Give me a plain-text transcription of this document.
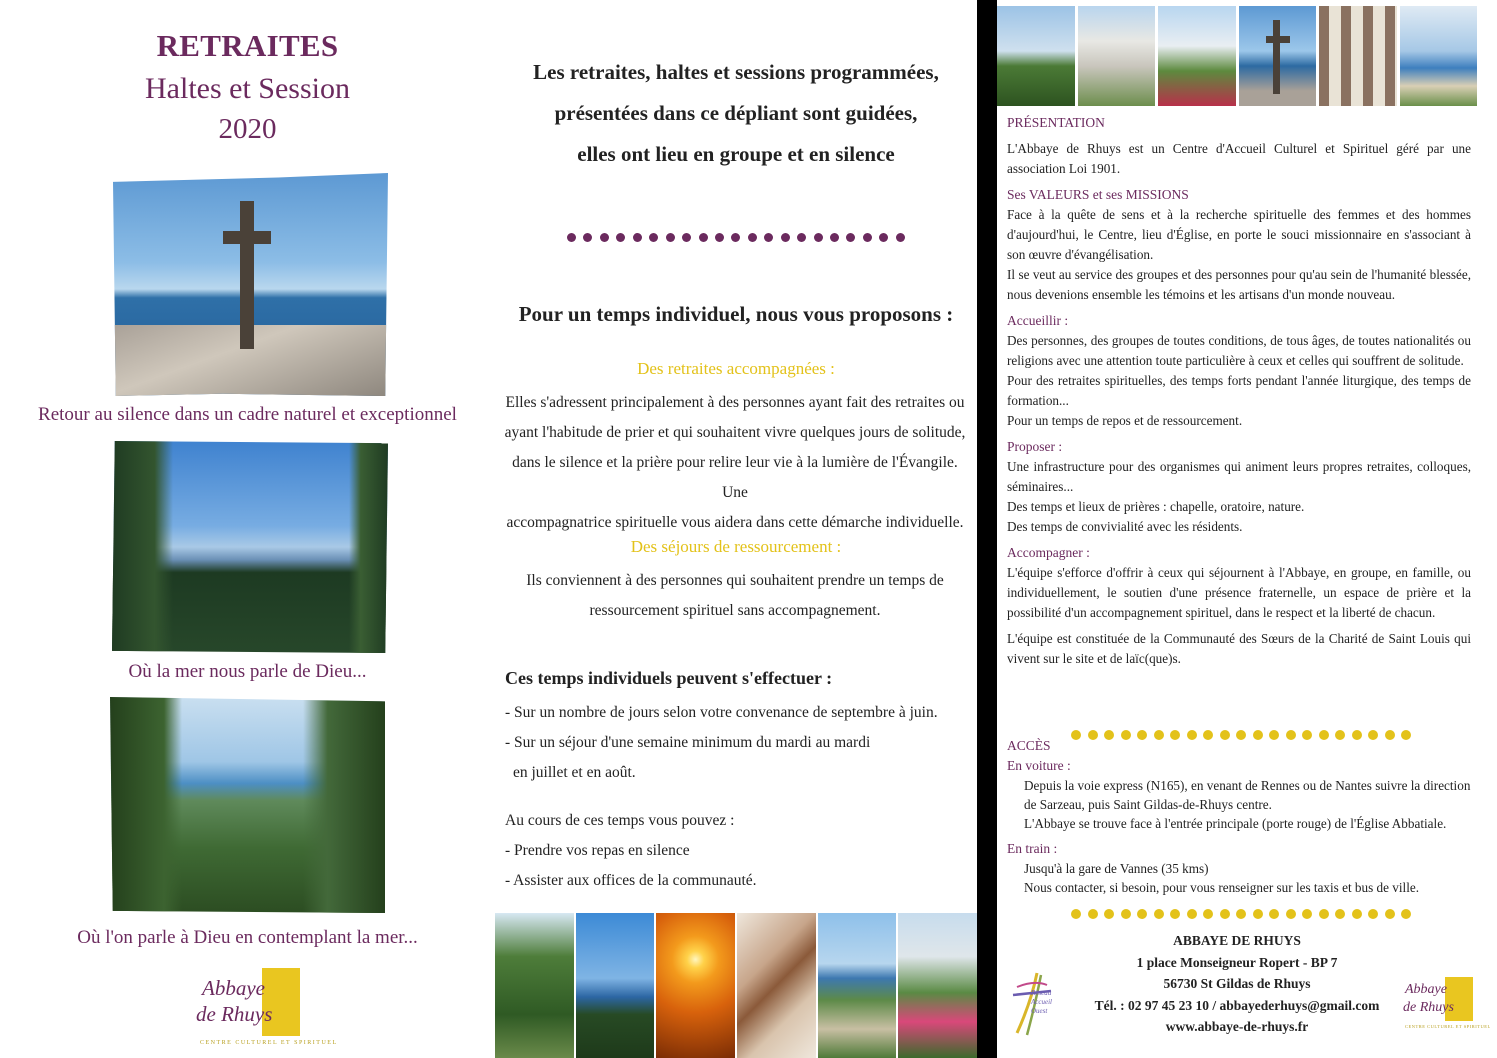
RETRAITES
Haltes et Session
2020
Retour au silence dans un cadre naturel et exceptionnel
Où la mer nous parle de Dieu...
Où l'on parle à Dieu en contemplant la mer...
Abbaye
de Rhuys
CENTRE CULTUREL ET SPIRITUEL
Les retraites, haltes et sessions programmées,
présentées dans ce dépliant sont guidées,
elles ont lieu en groupe et en silence
Pour un temps individuel, nous vous proposons :
Des retraites accompagnées :
Elles s'adressent principalement à des personnes ayant fait des retraites ou
ayant l'habitude de prier et qui souhaitent vivre quelques jours de solitude,
dans le silence et la prière pour relire leur vie à la lumière de l'Évangile. Une
accompagnatrice spirituelle vous aidera dans cette démarche individuelle.
Des séjours de ressourcement :
Ils conviennent à des personnes qui souhaitent prendre un temps de
ressourcement spirituel sans accompagnement.
Ces temps individuels peuvent s'effectuer :
- Sur un nombre de jours selon votre convenance de septembre à juin.
- Sur un séjour d'une semaine minimum du mardi au mardi
en juillet et en août.
Au cours de ces temps vous pouvez :
- Prendre vos repas en silence
- Assister aux offices de la communauté.
PRÉSENTATION
L'Abbaye de Rhuys est un Centre d'Accueil Culturel et Spirituel géré par une association Loi 1901.
Ses VALEURS et ses MISSIONS
Face à la quête de sens et à la recherche spirituelle des femmes et des hommes d'aujourd'hui, le Centre, lieu d'Église, en porte le souci missionnaire en s'associant à son œuvre d'évangélisation.
Il se veut au service des groupes et des personnes pour qu'au sein de l'humanité blessée, nous devenions ensemble les témoins et les artisans d'un monde nouveau.
Accueillir :
Des personnes, des groupes de toutes conditions, de tous âges, de toutes nationalités ou religions avec une attention toute particulière à ceux et celles qui souffrent de solitude.
Pour des retraites spirituelles, des temps forts pendant l'année liturgique, des temps de formation...
Pour un temps de repos et de ressourcement.
Proposer :
Une infrastructure pour des organismes qui animent leurs propres retraites, colloques, séminaires...
Des temps et lieux de prières : chapelle, oratoire, nature.
Des temps de convivialité avec les résidents.
Accompagner :
L'équipe s'efforce d'offrir à ceux qui séjournent à l'Abbaye, en groupe, en famille, ou individuellement, le soutien d'une présence fraternelle, un espace de prière et la possibilité d'un accompagnement spirituel, dans le respect et la liberté de chacun.
L'équipe est constituée de la Communauté des Sœurs de la Charité de Saint Louis qui vivent sur le site et de laïc(que)s.
ACCÈS
En voiture :
Depuis la voie express (N165), en venant de Rennes ou de Nantes suivre la direction
de Sarzeau, puis Saint Gildas-de-Rhuys centre.
L'Abbaye se trouve face à l'entrée principale (porte rouge) de l'Église Abbatiale.
En train :
Jusqu'à la gare de Vannes (35 kms)
Nous contacter, si besoin, pour vous renseigner sur les taxis et bus de ville.
ABBAYE DE RHUYS
1 place Monseigneur Ropert - BP 7
56730 St Gildas de Rhuys
Tél. : 02 97 45 23 10 / abbayederhuys@gmail.com
www.abbaye-de-rhuys.fr
Réseau
Accueil
Ouest
Abbaye
de Rhuys
CENTRE CULTUREL ET SPIRITUEL
